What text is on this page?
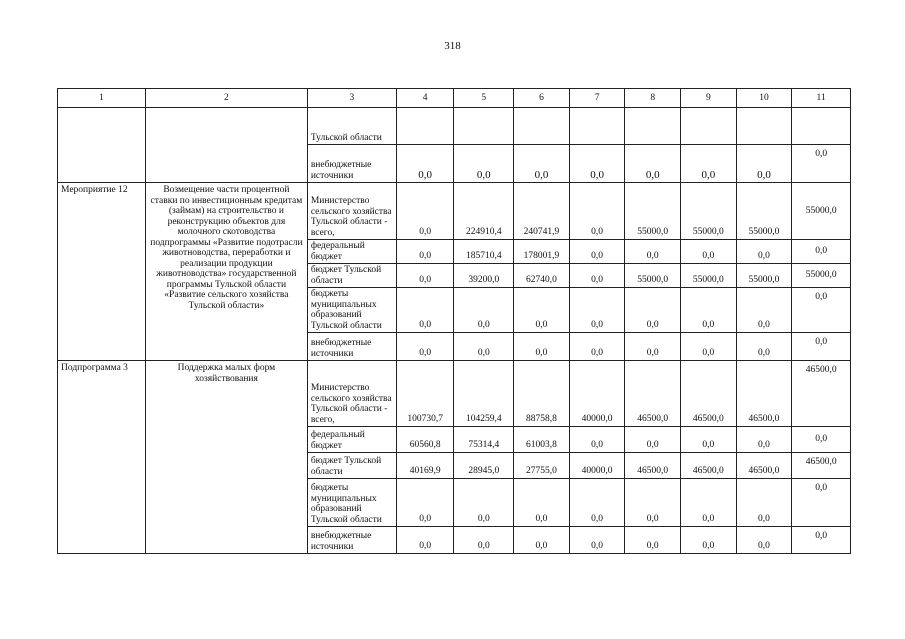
318
1	2	3	4	5	6	7	8	9	10	11
		Тульской области								
		внебюджетные источники	0,0	0,0	0,0	0,0	0,0	0,0	0,0	0,0
Мероприятие 12	Возмещение части процентной ставки по инвестиционным кредитам (займам) на строительство и реконструкцию объектов для молочного скотоводства подпрограммы «Развитие подотрасли животноводства, переработки и реализации продукции животноводства» государственной программы Тульской области «Развитие сельского хозяйства Тульской области»	Министерство сельского хозяйства Тульской области - всего,	0,0	224910,4	240741,9	0,0	55000,0	55000,0	55000,0	55000,0
		федеральный бюджет	0,0	185710,4	178001,9	0,0	0,0	0,0	0,0	0,0
		бюджет Тульской области	0,0	39200,0	62740,0	0,0	55000,0	55000,0	55000,0	55000,0
		бюджеты муниципальных образований Тульской области	0,0	0,0	0,0	0,0	0,0	0,0	0,0	0,0
		внебюджетные источники	0,0	0,0	0,0	0,0	0,0	0,0	0,0	0,0
Подпрограмма 3	Поддержка малых форм хозяйствования	Министерство сельского хозяйства Тульской области - всего,	100730,7	104259,4	88758,8	40000,0	46500,0	46500,0	46500,0	46500,0
		федеральный бюджет	60560,8	75314,4	61003,8	0,0	0,0	0,0	0,0	0,0
		бюджет Тульской области	40169,9	28945,0	27755,0	40000,0	46500,0	46500,0	46500,0	46500,0
		бюджеты муниципальных образований Тульской области	0,0	0,0	0,0	0,0	0,0	0,0	0,0	0,0
		внебюджетные источники	0,0	0,0	0,0	0,0	0,0	0,0	0,0	0,0
